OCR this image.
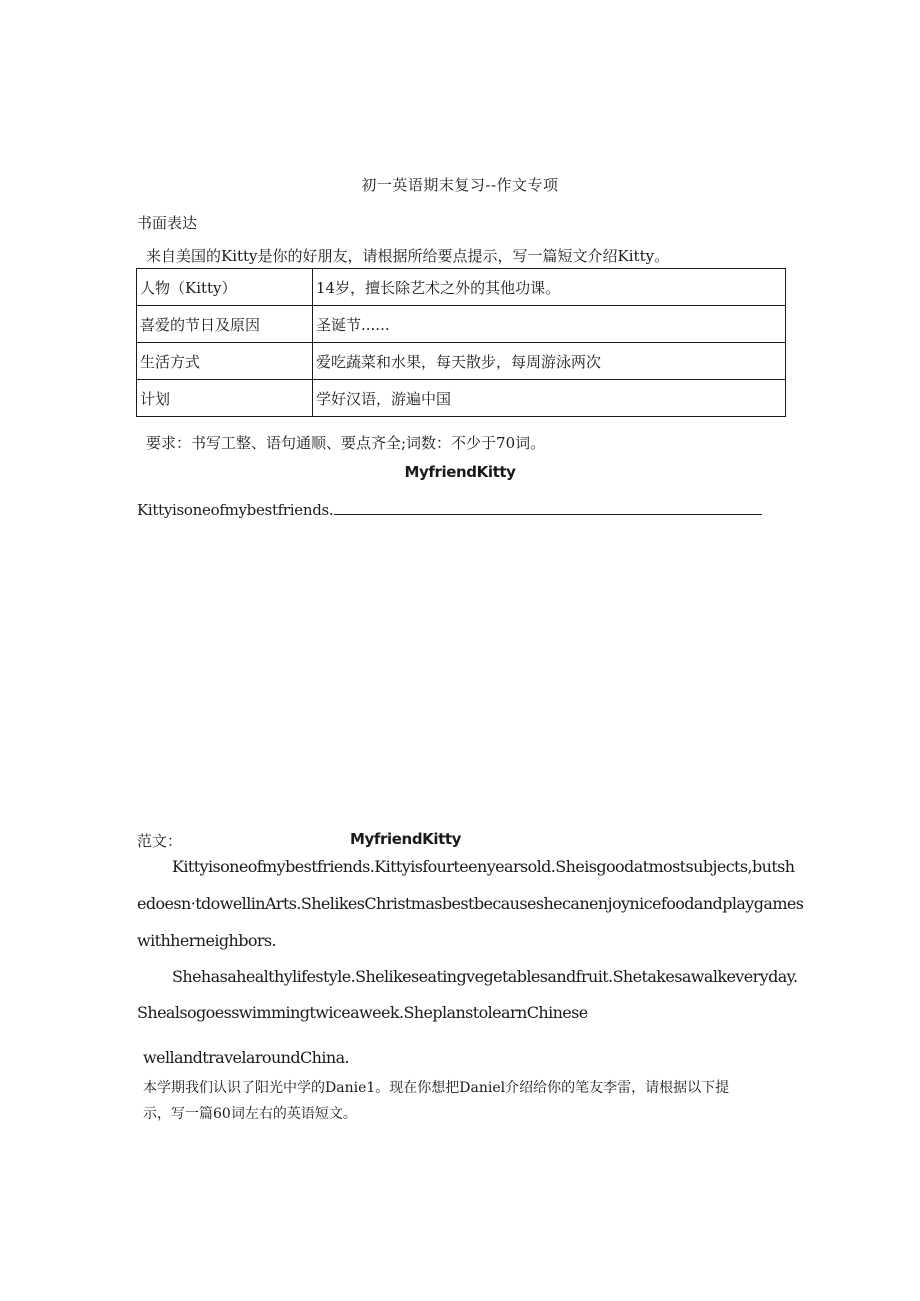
初一英语期末复习--作文专项
书面表达
来自美国的Kitty是你的好朋友，请根据所给要点提示，写一篇短文介绍Kitty。
人物（Kitty）	14岁，擅长除艺术之外的其他功课。
喜爱的节日及原因	圣诞节......
生活方式	爱吃蔬菜和水果，每天散步，每周游泳两次
计划	学好汉语，游遍中国
要求：书写工整、语句通顺、要点齐全;词数：不少于70词。
MyfriendKitty
Kittyisoneofmybestfriends.
范文：	MyfriendKitty
Kittyisoneofmybestfriends.Kittyisfourteenyearsold.Sheisgoodatmostsubjects,butsh
edoesn·tdowellinArts.ShelikesChristmasbestbecauseshecanenjoynicefoodandplaygames
withherneighbors.
Shehasahealthylifestyle.Shelikeseatingvegetablesandfruit.Shetakesawalkeveryday.
Shealsogoesswimmingtwiceaweek.SheplanstolearnChinese
wellandtravelaroundChina.
本学期我们认识了阳光中学的Danie1。现在你想把Daniel介绍给你的笔友李雷，请根据以下提
示，写一篇60词左右的英语短文。
